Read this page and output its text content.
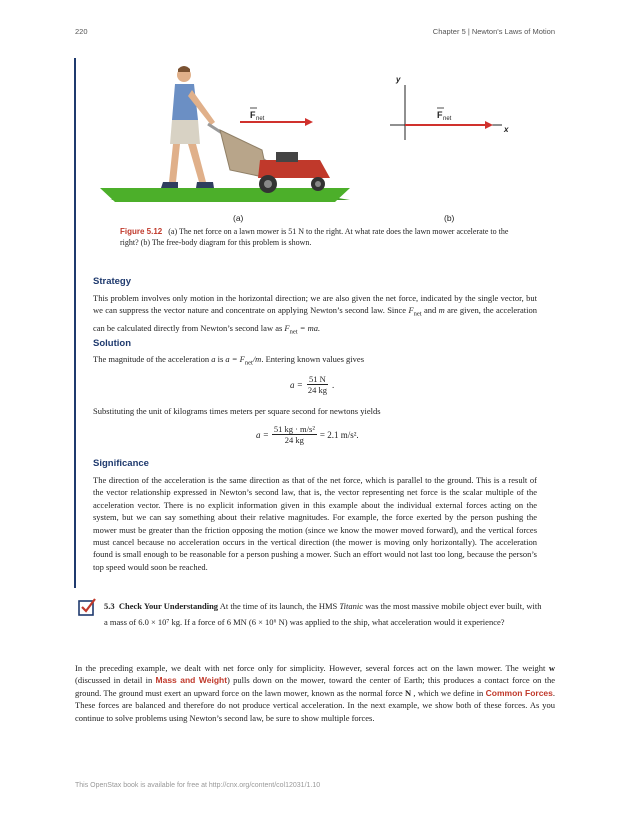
220	Chapter 5 | Newton's Laws of Motion
F net
y
x
F net
(a)	(b)
Figure 5.12 (a) The net force on a lawn mower is 51 N to the right. At what rate does the lawn mower accelerate to the right? (b) The free-body diagram for this problem is shown.
Strategy
This problem involves only motion in the horizontal direction; we are also given the net force, indicated by the single vector, but we can suppress the vector nature and concentrate on applying Newton’s second law. Since $F_{net}$ and m are given, the acceleration can be calculated directly from Newton’s second law as $F_{net}$ = ma.
Solution
The magnitude of the acceleration a is $a = F_{net}/m$. Entering known values gives
$a = \frac{51 N}{24 kg}$ .
Substituting the unit of kilograms times meters per square second for newtons yields
$a = \frac{\text{51 kg · m/s²}}{24 kg} = 2.1$ m/s².
Significance
The direction of the acceleration is the same direction as that of the net force, which is parallel to the ground. This is a result of the vector relationship expressed in Newton’s second law, that is, the vector representing net force is the scalar multiple of the acceleration vector. There is no explicit information given in this example about the individual external forces acting on the system, but we can say something about their relative magnitudes. For example, the force exerted by the person pushing the mower must be greater than the friction opposing the motion (since we know the mower moved forward), and the vertical forces must cancel because no acceleration occurs in the vertical direction (the mower is moving only horizontally). The acceleration found is small enough to be reasonable for a person pushing a mower. Such an effort would not last too long, because the person’s top speed would soon be reached.
5.3 Check Your Understanding At the time of its launch, the HMS Titanic was the most massive mobile object ever built, with a mass of 6.0 × 10⁷ kg. If a force of 6 MN (6 × 10⁶ N) was applied to the ship, what acceleration would it experience?
In the preceding example, we dealt with net force only for simplicity. However, several forces act on the lawn mower. The weight w (discussed in detail in Mass and Weight) pulls down on the mower, toward the center of Earth; this produces a contact force on the ground. The ground must exert an upward force on the lawn mower, known as the normal force N , which we define in Common Forces. These forces are balanced and therefore do not produce vertical acceleration. In the next example, we show both of these forces. As you continue to solve problems using Newton’s second law, be sure to show multiple forces.
This OpenStax book is available for free at http://cnx.org/content/col12031/1.10
